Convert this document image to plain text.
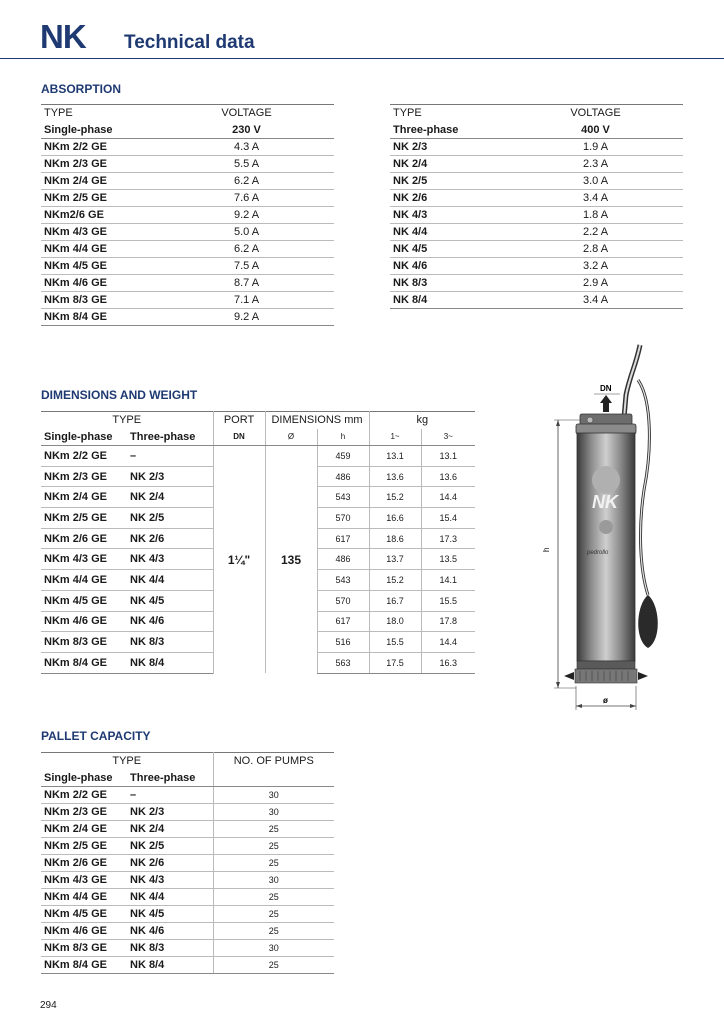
NK Technical data
ABSORPTION
TYPE	VOLTAGE
Single-phase	230 V
NKm 2/2 GE	4.3 A
NKm 2/3 GE	5.5 A
NKm 2/4 GE	6.2 A
NKm 2/5 GE	7.6 A
NKm2/6 GE	9.2 A
NKm 4/3 GE	5.0 A
NKm 4/4 GE	6.2 A
NKm 4/5 GE	7.5 A
NKm 4/6 GE	8.7 A
NKm 8/3 GE	7.1 A
NKm 8/4 GE	9.2 A
TYPE	VOLTAGE
Three-phase	400 V
NK 2/3	1.9 A
NK 2/4	2.3 A
NK 2/5	3.0 A
NK 2/6	3.4 A
NK 4/3	1.8 A
NK 4/4	2.2 A
NK 4/5	2.8 A
NK 4/6	3.2 A
NK 8/3	2.9 A
NK 8/4	3.4 A
DIMENSIONS AND WEIGHT
TYPE		PORT	DIMENSIONS mm		kg	
Single-phase	Three-phase	DN	Ø	h	1~	3~
NKm 2/2 GE	–	1¼"	135	459	13.1	13.1
NKm 2/3 GE	NK 2/3			486	13.6	13.6
NKm 2/4 GE	NK 2/4			543	15.2	14.4
NKm 2/5 GE	NK 2/5			570	16.6	15.4
NKm 2/6 GE	NK 2/6			617	18.6	17.3
NKm 4/3 GE	NK 4/3			486	13.7	13.5
NKm 4/4 GE	NK 4/4			543	15.2	14.1
NKm 4/5 GE	NK 4/5			570	16.7	15.5
NKm 4/6 GE	NK 4/6			617	18.0	17.8
NKm 8/3 GE	NK 8/3			516	15.5	14.4
NKm 8/4 GE	NK 8/4			563	17.5	16.3
h
DN
NK
pedrollo
ø
PALLET CAPACITY
TYPE		NO. OF PUMPS
Single-phase	Three-phase	
NKm 2/2 GE	–	30
NKm 2/3 GE	NK 2/3	30
NKm 2/4 GE	NK 2/4	25
NKm 2/5 GE	NK 2/5	25
NKm 2/6 GE	NK 2/6	25
NKm 4/3 GE	NK 4/3	30
NKm 4/4 GE	NK 4/4	25
NKm 4/5 GE	NK 4/5	25
NKm 4/6 GE	NK 4/6	25
NKm 8/3 GE	NK 8/3	30
NKm 8/4 GE	NK 8/4	25
294
